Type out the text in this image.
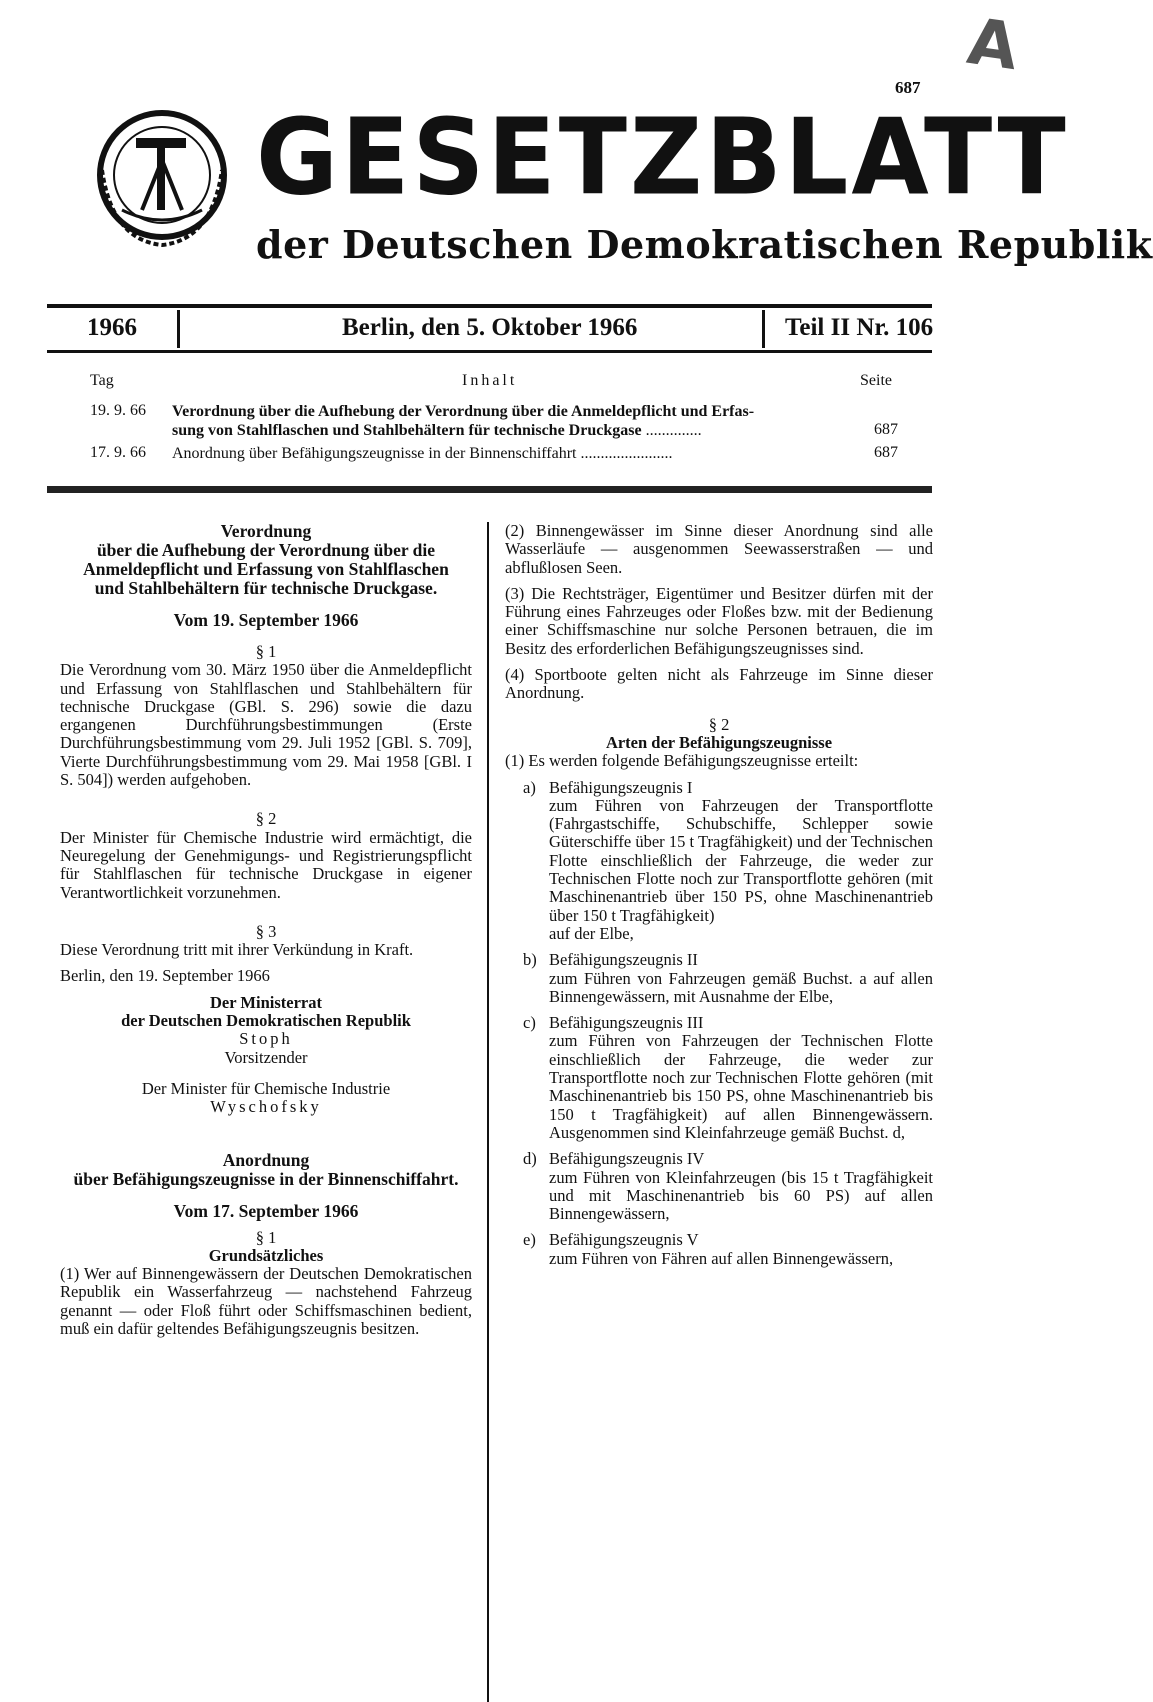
A
687
GESETZBLATT
der Deutschen Demokratischen Republik
1966	Berlin, den 5. Oktober 1966	Teil II Nr. 106
Tag	Inhalt	Seite
19. 9. 66 Verordnung über die Aufhebung der Verordnung über die Anmeldepflicht und Erfas-
sung von Stahlflaschen und Stahlbehältern für technische Druckgase ..............	687
17. 9. 66 Anordnung über Befähigungszeugnisse in der Binnenschiffahrt .......................	687
Verordnung
über die Aufhebung der Verordnung über die
Anmeldepflicht und Erfassung von Stahlflaschen
und Stahlbehältern für technische Druckgase.
Vom 19. September 1966
§ 1

Die Verordnung vom 30. März 1950 über die Anmeldepflicht und Erfassung von Stahlflaschen und Stahlbehältern für technische Druckgase (GBl. S. 296) sowie die dazu ergangenen Durchführungsbestimmungen (Erste Durchführungsbestimmung vom 29. Juli 1952 [GBl. S. 709], Vierte Durchführungsbestimmung vom 29. Mai 1958 [GBl. I S. 504]) werden aufgehoben.

§ 2

Der Minister für Chemische Industrie wird ermächtigt, die Neuregelung der Genehmigungs- und Registrierungspflicht für Stahlflaschen für technische Druckgase in eigener Verantwortlichkeit vorzunehmen.

§ 3

Diese Verordnung tritt mit ihrer Verkündung in Kraft.

Berlin, den 19. September 1966

Der Ministerrat
der Deutschen Demokratischen Republik
Stoph
Vorsitzender
Der Minister für Chemische Industrie
Wyschofsky
Anordnung
über Befähigungszeugnisse in der Binnenschiffahrt.
Vom 17. September 1966
§ 1
Grundsätzliches

(1) Wer auf Binnengewässern der Deutschen Demokratischen Republik ein Wasserfahrzeug — nachstehend Fahrzeug genannt — oder Floß führt oder Schiffsmaschinen bedient, muß ein dafür geltendes Befähigungszeugnis besitzen.

(2) Binnengewässer im Sinne dieser Anordnung sind alle Wasserläufe — ausgenommen Seewasserstraßen — und abflußlosen Seen.

(3) Die Rechtsträger, Eigentümer und Besitzer dürfen mit der Führung eines Fahrzeuges oder Floßes bzw. mit der Bedienung einer Schiffsmaschine nur solche Personen betrauen, die im Besitz des erforderlichen Befähigungszeugnisses sind.

(4) Sportboote gelten nicht als Fahrzeuge im Sinne dieser Anordnung.

§ 2
Arten der Befähigungszeugnisse

(1) Es werden folgende Befähigungszeugnisse erteilt:

a) Befähigungszeugnis I
zum Führen von Fahrzeugen der Transportflotte (Fahrgastschiffe, Schubschiffe, Schlepper sowie Güterschiffe über 15 t Tragfähigkeit) und der Technischen Flotte einschließlich der Fahrzeuge, die weder zur Technischen Flotte noch zur Transportflotte gehören (mit Maschinenantrieb über 150 PS, ohne Maschinenantrieb über 150 t Tragfähigkeit)
auf der Elbe,
b) Befähigungszeugnis II
zum Führen von Fahrzeugen gemäß Buchst. a auf allen Binnengewässern, mit Ausnahme der Elbe,
c) Befähigungszeugnis III
zum Führen von Fahrzeugen der Technischen Flotte einschließlich der Fahrzeuge, die weder zur Transportflotte noch zur Technischen Flotte gehören (mit Maschinenantrieb bis 150 PS, ohne Maschinenantrieb bis 150 t Tragfähigkeit) auf allen Binnengewässern. Ausgenommen sind Kleinfahrzeuge gemäß Buchst. d,
d) Befähigungszeugnis IV
zum Führen von Kleinfahrzeugen (bis 15 t Tragfähigkeit und mit Maschinenantrieb bis 60 PS) auf allen Binnengewässern,
e) Befähigungszeugnis V
zum Führen von Fähren auf allen Binnengewässern,
